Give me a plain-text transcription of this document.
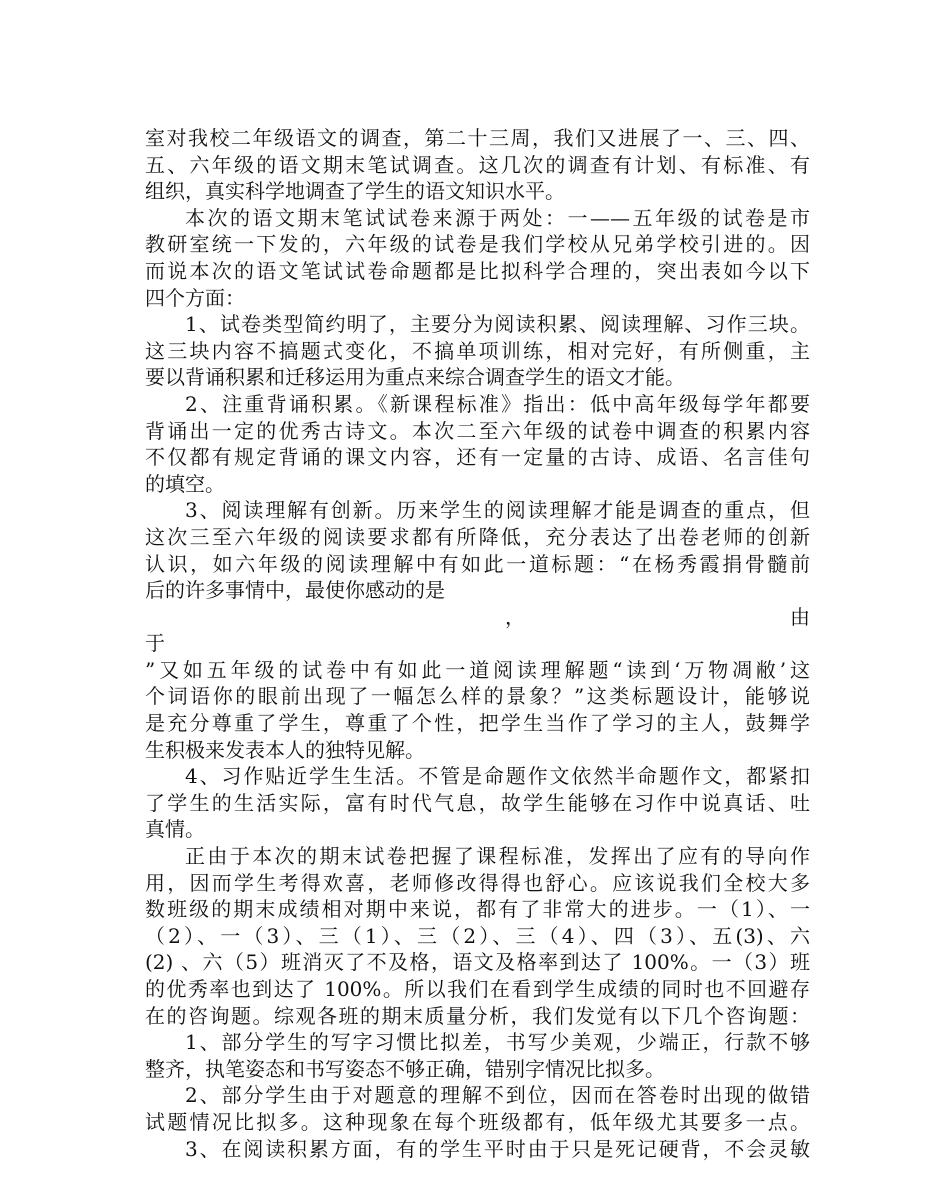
室对我校二年级语文的调查，第二十三周，我们又进展了一、三、四、
五、六年级的语文期末笔试调查。这几次的调查有计划、有标准、有
组织，真实科学地调查了学生的语文知识水平。
本次的语文期末笔试试卷来源于两处：一——五年级的试卷是市
教研室统一下发的，六年级的试卷是我们学校从兄弟学校引进的。因
而说本次的语文笔试试卷命题都是比拟科学合理的，突出表如今以下
四个方面：
1、试卷类型简约明了，主要分为阅读积累、阅读理解、习作三块。
这三块内容不搞题式变化，不搞单项训练，相对完好，有所侧重，主
要以背诵积累和迁移运用为重点来综合调查学生的语文才能。
2、注重背诵积累。《新课程标准》指出：低中高年级每学年都要
背诵出一定的优秀古诗文。本次二至六年级的试卷中调查的积累内容
不仅都有规定背诵的课文内容，还有一定量的古诗、成语、名言佳句
的填空。
3、阅读理解有创新。历来学生的阅读理解才能是调查的重点，但
这次三至六年级的阅读要求都有所降低，充分表达了出卷老师的创新
认识，如六年级的阅读理解中有如此一道标题：“在杨秀霞捐骨髓前
后的许多事情中，最使你感动的是
，	由
于
”又如五年级的试卷中有如此一道阅读理解题“读到‘万物凋敝’这
个词语你的眼前出现了一幅怎么样的景象？”这类标题设计，能够说
是充分尊重了学生，尊重了个性，把学生当作了学习的主人，鼓舞学
生积极来发表本人的独特见解。
4、习作贴近学生生活。不管是命题作文依然半命题作文，都紧扣
了学生的生活实际，富有时代气息，故学生能够在习作中说真话、吐
真情。
正由于本次的期末试卷把握了课程标准，发挥出了应有的导向作
用，因而学生考得欢喜，老师修改得得也舒心。应该说我们全校大多
数班级的期末成绩相对期中来说，都有了非常大的进步。一（1）、一
（2）、一（3）、三（1）、三（2）、三（4）、四（3）、五(3)、六
(2) 、六（5）班消灭了不及格，语文及格率到达了 100%。一（3）班
的优秀率也到达了 100%。所以我们在看到学生成绩的同时也不回避存
在的咨询题。综观各班的期末质量分析，我们发觉有以下几个咨询题：
1、部分学生的写字习惯比拟差，书写少美观，少端正，行款不够
整齐，执笔姿态和书写姿态不够正确，错别字情况比拟多。
2、部分学生由于对题意的理解不到位，因而在答卷时出现的做错
试题情况比拟多。这种现象在每个班级都有，低年级尤其要多一点。
3、在阅读积累方面，有的学生平时由于只是死记硬背，不会灵敏
